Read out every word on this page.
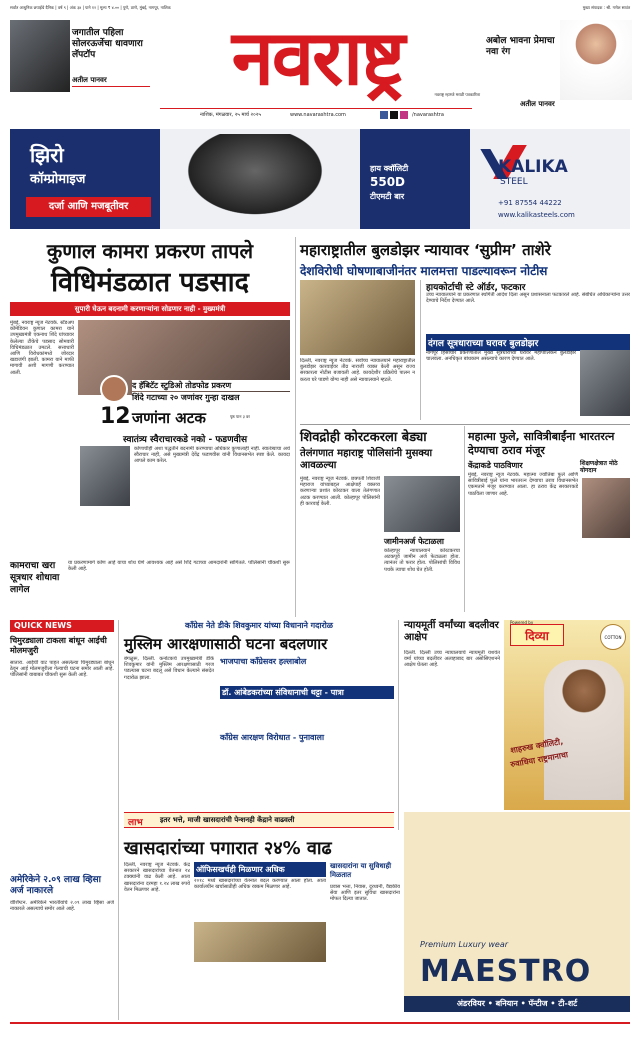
सर्वात आधुनिक छपाईचे दैनिक | वर्ष ९ | अंक ३४ | पाने १२ | मूल्य ₹ ४.०० | पुणे, ठाणे, मुंबई, नागपूर, नाशिक	मुख्य संपादक : श्री. गणेश सावंत
जगातील पहिला सोलरऊर्जेचा धावणारा लॅपटॉप
अतील पानवर	नवराष्ट्र	नवराष्ट्र म्हणजे मराठी पत्रकारिता
अबोल भावना प्रेमाचा नवा रंग
अतील पानवर
नाशिक, मंगळवार, २५ मार्च २०२५	www.navarashtra.com	/navarashtra
झिरो
कॉम्प्रोमाइज
दर्जा आणि मजबूतीवर
हाय क्वॉलिटी
550D
टीएमटी बार
KALIKA
STEEL
+91 87554 44222
www.kalikasteels.com
कुणाल कामरा प्रकरण तापले
विधिमंडळात पडसाद
सुपारी घेऊन बदनामी करणाऱ्यांना सोडणार नाही - मुख्यमंत्री
मुंबई, नवराष्ट्र न्यूज नेटवर्क. स्टँडअप कॉमेडियन कुणाल कामरा याने उपमुख्यमंत्री एकनाथ शिंदे यांच्यावर केलेल्या टीकेचे पडसाद सोमवारी विधिमंडळात उमटले. सत्ताधारी आणि विरोधकांमध्ये जोरदार खडाजंगी झाली. कामरा याने माफी मागावी अशी मागणी करण्यात आली.
द हॅबिटॅट स्टुडिओ तोडफोड प्रकरण
शिंदे गटाच्या २० जणांवर गुन्हा दाखल
12 जणांना अटक	पृष्ठ पान ३ वर
स्वातंत्र्य स्वैराचारकडे नको - फडणवीस
कोणाचीही अशा पद्धतीने बदनामी करण्याचा अधिकार कुणालाही नाही. स्वातंत्र्याचा अर्थ स्वैराचार नाही, असे मुख्यमंत्री देवेंद्र फडणवीस यांनी विधानसभेत स्पष्ट केले. कायदा आपले काम करेल.
कामराचा खरा सूत्रधार शोधावा लागेल
या प्रकरणामागे कोण आहे याचा शोध घेणे आवश्यक आहे असे शिंदे गटाच्या आमदारांनी सांगितले. पोलिसांनी चौकशी सुरू केली आहे.
महाराष्ट्रातील बुलडोझर न्यायावर ‘सुप्रीम’ ताशेरे
देशविरोधी घोषणाबाजीनंतर मालमत्ता पाडल्यावरून नोटीस
दिल्ली, नवराष्ट्र न्यूज नेटवर्क. सर्वोच्च न्यायालयाने महाराष्ट्रातील बुलडोझर कारवाईवर तीव्र नाराजी व्यक्त केली असून राज्य सरकारला नोटीस बजावली आहे. कायदेशीर प्रक्रियेचे पालन न करता घरे पाडणे योग्य नाही असे न्यायालयाने म्हटले.
हायकोर्टाची स्टे ऑर्डर, फटकार
उच्च न्यायालयाने या प्रकरणात स्थगिती आदेश दिला असून प्रशासनाला फटकारले आहे. संबंधित अधिकाऱ्यांना उत्तर देण्याचे निर्देश देण्यात आले.
दंगल सूत्रधाराच्या घरावर बुलडोझर
नागपूर हिंसाचार प्रकरणातील मुख्य सूत्रधाराच्या घरावर महापालिकेने बुलडोझर चालवला. अनधिकृत बांधकाम असल्याचे कारण देण्यात आले.
शिवद्रोही कोरटकरला बेड्या
तेलंगणात महाराष्ट्र पोलिसांनी मुसक्या आवळल्या
मुंबई, नवराष्ट्र न्यूज नेटवर्क. छत्रपती शिवाजी महाराज यांच्याबद्दल आक्षेपार्ह वक्तव्य करणाऱ्या प्रशांत कोरटकर याला तेलंगणात अटक करण्यात आली. कोल्हापूर पोलिसांनी ही कारवाई केली.
जामीनअर्ज फेटाळला
कोल्हापूर न्यायालयाने कोरटकरचा अटकपूर्व जामीन अर्ज फेटाळला होता. त्यानंतर तो फरार होता. पोलिसांची विविध पथके त्याचा शोध घेत होती.
महात्मा फुले, सावित्रीबाईंना भारतरत्न देण्याचा ठराव मंजूर
केंद्राकडे पाठविणार	शिक्षणक्षेत्रात मोठे योगदान
मुंबई, नवराष्ट्र न्यूज नेटवर्क. महात्मा ज्योतिबा फुले आणि सावित्रीबाई फुले यांना भारतरत्न देण्याचा ठराव विधानसभेत एकमताने मंजूर करण्यात आला. हा ठराव केंद्र सरकारकडे पाठविला जाणार आहे.
QUICK NEWS
चिमुरड्याला टाकला बांधून आईची मोलमजुरी
सातारा. आईची वाट पाहत असलेल्या चिमुरड्याला बांधून ठेवून आई मोलमजुरीला गेल्याची घटना समोर आली आहे. पोलिसांनी याबाबत चौकशी सुरू केली आहे.
अमेरिकेने २.०९ लाख व्हिसा अर्ज नाकारले
वॉशिंग्टन. अमेरिकेने भारतीयांचे २.०९ लाख व्हिसा अर्ज नाकारले असल्याचे समोर आले आहे.
काँग्रेस नेते डीके शिवकुमार यांच्या विधानाने गदारोळ
मुस्लिम आरक्षणासाठी घटना बदलणार
बंगळुरू, दिल्ली. कर्नाटकचे उपमुख्यमंत्री डीके शिवकुमार यांनी मुस्लिम आरक्षणासाठी गरज पडल्यास घटना बदलू असे विधान केल्याने संसदेत गदारोळ झाला.
भाजपाचा काँग्रेसवर हल्लाबोल
डॉ. आंबेडकरांच्या संविधानाची थट्टा - पात्रा
काँग्रेस आरक्षण विरोधात - पुनावाला
लाभ इतर भत्ते, माजी खासदारांची पेन्शनही केंद्राने वाढवली
न्यायमूर्ती वर्मांच्या बदलीवर आक्षेप
दिल्ली. दिल्ली उच्च न्यायालयाचे न्यायमूर्ती यशवंत वर्मा यांच्या बदलीवर अलाहाबाद बार असोसिएशनने आक्षेप घेतला आहे.
दिव्या
Powered by
COTTON
शाहरुख क्वॉलिटी,
रुवाधिया राष्ट्रमानाचा
Premium Luxury wear
MAESTRO
अंडरवियर • बनियान • पॅन्टीज • टी-शर्ट
खासदारांच्या पगारात २४% वाढ
दिल्ली, नवराष्ट्र न्यूज नेटवर्क. केंद्र सरकारने खासदारांच्या वेतनात २४ टक्क्यांनी वाढ केली आहे. आता खासदारांना दरमहा १.२४ लाख रुपये वेतन मिळणार आहे.
ऑफिसखर्चही मिळणार अधिक
२०१८ मध्ये खासदारांच्या वेतनात बदल करण्यात आला होता. आता कार्यालयीन खर्चासाठीही अधिक रक्कम मिळणार आहे.
खासदारांना या सुविधाही मिळतात
प्रवास भत्ता, निवास, दूरध्वनी, वैद्यकीय सेवा आणि इतर सुविधा खासदारांना मोफत दिल्या जातात.
